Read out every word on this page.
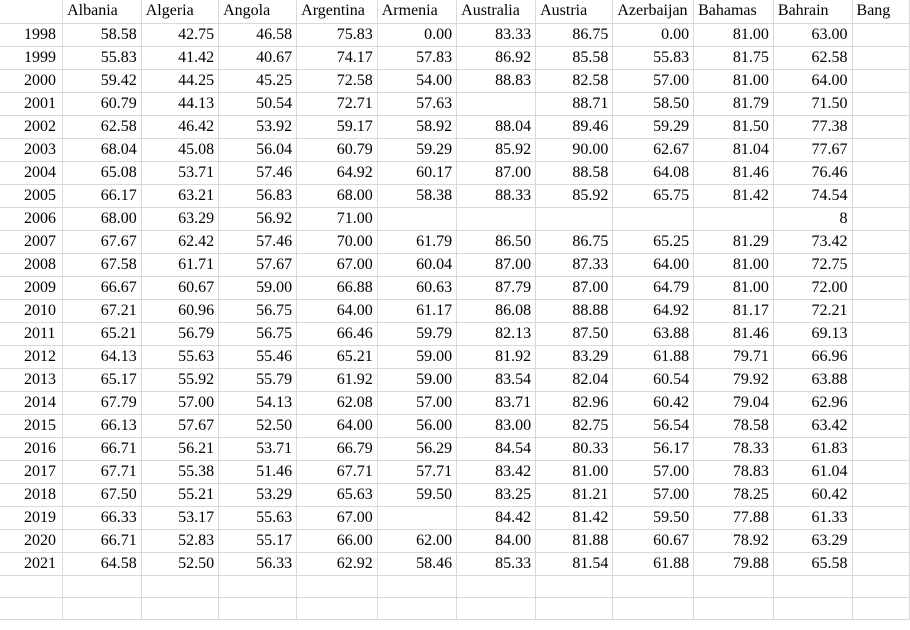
	Albania	Algeria	Angola	Argentina	Armenia	Australia	Austria	Azerbaijan	Bahamas	Bahrain	Bang
1998	58.58	42.75	46.58	75.83	0.00	83.33	86.75	0.00	81.00	63.00	
1999	55.83	41.42	40.67	74.17	57.83	86.92	85.58	55.83	81.75	62.58	
2000	59.42	44.25	45.25	72.58	54.00	88.83	82.58	57.00	81.00	64.00	
2001	60.79	44.13	50.54	72.71	57.63		88.71	58.50	81.79	71.50	
2002	62.58	46.42	53.92	59.17	58.92	88.04	89.46	59.29	81.50	77.38	
2003	68.04	45.08	56.04	60.79	59.29	85.92	90.00	62.67	81.04	77.67	
2004	65.08	53.71	57.46	64.92	60.17	87.00	88.58	64.08	81.46	76.46	
2005	66.17	63.21	56.83	68.00	58.38	88.33	85.92	65.75	81.42	74.54	
2006	68.00	63.29	56.92	71.00						8	
2007	67.67	62.42	57.46	70.00	61.79	86.50	86.75	65.25	81.29	73.42	
2008	67.58	61.71	57.67	67.00	60.04	87.00	87.33	64.00	81.00	72.75	
2009	66.67	60.67	59.00	66.88	60.63	87.79	87.00	64.79	81.00	72.00	
2010	67.21	60.96	56.75	64.00	61.17	86.08	88.88	64.92	81.17	72.21	
2011	65.21	56.79	56.75	66.46	59.79	82.13	87.50	63.88	81.46	69.13	
2012	64.13	55.63	55.46	65.21	59.00	81.92	83.29	61.88	79.71	66.96	
2013	65.17	55.92	55.79	61.92	59.00	83.54	82.04	60.54	79.92	63.88	
2014	67.79	57.00	54.13	62.08	57.00	83.71	82.96	60.42	79.04	62.96	
2015	66.13	57.67	52.50	64.00	56.00	83.00	82.75	56.54	78.58	63.42	
2016	66.71	56.21	53.71	66.79	56.29	84.54	80.33	56.17	78.33	61.83	
2017	67.71	55.38	51.46	67.71	57.71	83.42	81.00	57.00	78.83	61.04	
2018	67.50	55.21	53.29	65.63	59.50	83.25	81.21	57.00	78.25	60.42	
2019	66.33	53.17	55.63	67.00		84.42	81.42	59.50	77.88	61.33	
2020	66.71	52.83	55.17	66.00	62.00	84.00	81.88	60.67	78.92	63.29	
2021	64.58	52.50	56.33	62.92	58.46	85.33	81.54	61.88	79.88	65.58	
